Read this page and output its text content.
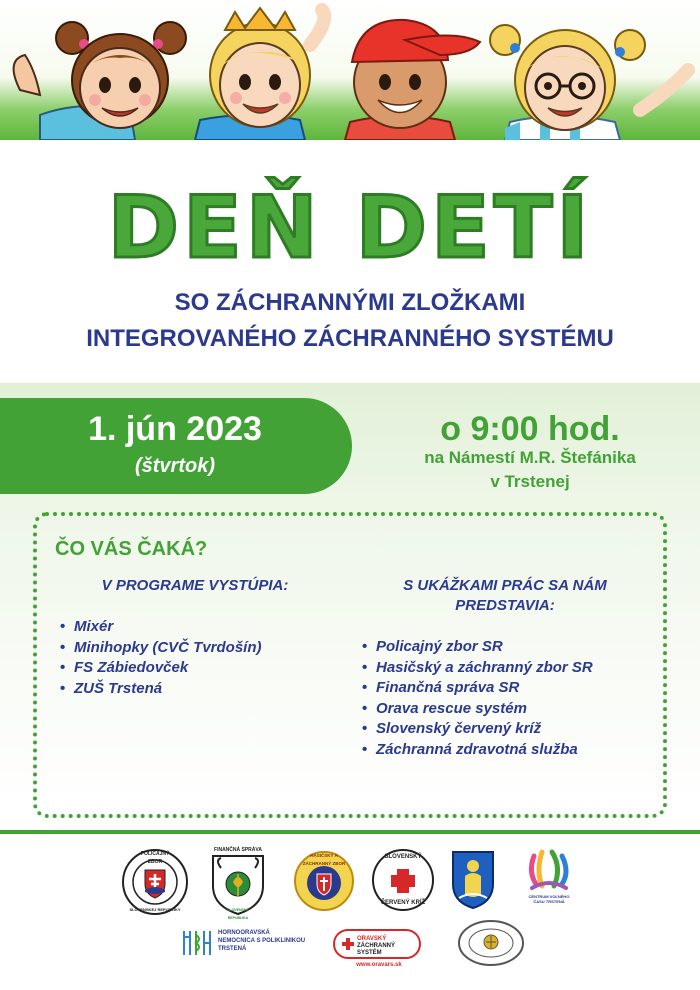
DEŇ DETÍ
SO ZÁCHRANNÝMI ZLOŽKAMI
INTEGROVANÉHO ZÁCHRANNÉHO SYSTÉMU
1. jún 2023
(štvrtok)
o 9:00 hod.
na Námestí M.R. Štefánika
v Trstenej
ČO VÁS ČAKÁ?
V PROGRAME VYSTÚPIA:
• Mixér
• Minihopky (CVČ Tvrdošín)
• FS Zábiedovček
• ZUŠ Trstená
S UKÁŽKAMI PRÁC SA NÁM
PREDSTAVIA:
• Policajný zbor SR
• Hasičský a záchranný zbor SR
• Finančná správa SR
• Orava rescue systém
• Slovenský červený kríž
• Záchranná zdravotná služba
POLICAJNÝ ZBOR
SLOVENSKEJ REPUBLIKY
FINANČNÁ SPRÁVA
SLOVENSKÁ REPUBLIKA
HASIČSKÝ A ZÁCHRANNÝ ZBOR
SLOVENSKÝ
ČERVENÝ KRÍŽ
CENTRUM VOĽNÉHO
ČASU TRSTENÁ
HORNOORAVSKÁ
NEMOCNICA S POLIKLINIKOU
TRSTENÁ
ORAVSKÝ
ZÁCHRANNÝ SYSTÉM
www.oravars.sk
